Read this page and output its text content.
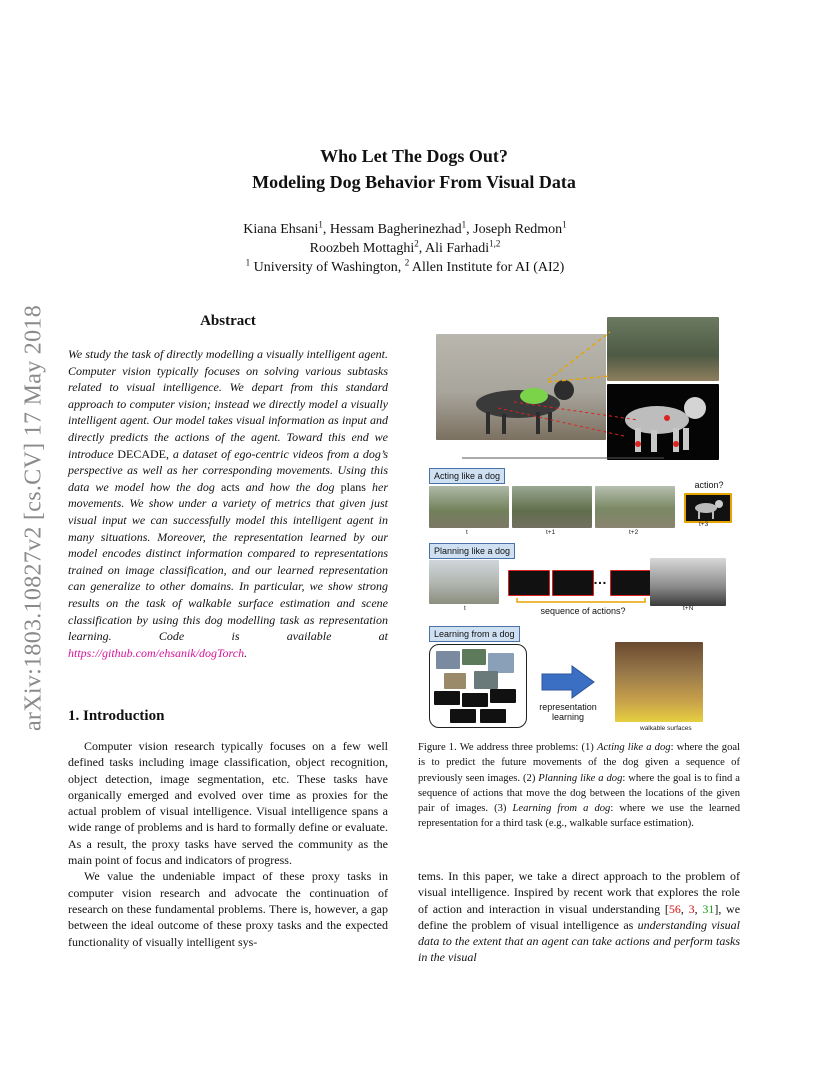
arXiv:1803.10827v2 [cs.CV] 17 May 2018
Who Let The Dogs Out?
Modeling Dog Behavior From Visual Data
Kiana Ehsani$^1$, Hessam Bagherinezhad$^1$, Joseph Redmon$^1$
Roozbeh Mottaghi$^2$, Ali Farhadi$^{1,2}$
$^1$ University of Washington, $^2$ Allen Institute for AI (AI2)
Abstract
We study the task of directly modelling a visually intelligent agent. Computer vision typically focuses on solving various subtasks related to visual intelligence. We depart from this standard approach to computer vision; instead we directly model a visually intelligent agent. Our model takes visual information as input and directly predicts the actions of the agent. Toward this end we introduce DECADE, a dataset of ego-centric videos from a dog’s perspective as well as her corresponding movements. Using this data we model how the dog acts and how the dog plans her movements. We show under a variety of metrics that given just visual input we can successfully model this intelligent agent in many situations. Moreover, the representation learned by our model encodes distinct information compared to representations trained on image classification, and our learned representation can generalize to other domains. In particular, we show strong results on the task of walkable surface estimation and scene classification by using this dog modelling task as representation learning. Code is available at https://github.com/ehsanik/dogTorch.
1. Introduction

Computer vision research typically focuses on a few well defined tasks including image classification, object recognition, object detection, image segmentation, etc. These tasks have organically emerged and evolved over time as proxies for the actual problem of visual intelligence. Visual intelligence spans a wide range of problems and is hard to formally define or evaluate. As a result, the proxy tasks have served the community as the main point of focus and indicators of progress.

We value the undeniable impact of these proxy tasks in computer vision research and advocate the continuation of research on these fundamental problems. There is, however, a gap between the ideal outcome of these proxy tasks and the expected functionality of visually intelligent sys-

tems. In this paper, we take a direct approach to the problem of visual intelligence. Inspired by recent work that explores the role of action and interaction in visual understanding [56, 3, 31], we define the problem of visual intelligence as understanding visual data to the extent that an agent can take actions and perform tasks in the visual

Acting like a dog
action?
t	t+1	t+2
t+3
Planning like a dog
…
t	sequence of actions?	t+N
Learning from a dog
representation
learning
walkable surfaces
Figure 1. We address three problems: (1) Acting like a dog: where the goal is to predict the future movements of the dog given a sequence of previously seen images. (2) Planning like a dog: where the goal is to find a sequence of actions that move the dog between the locations of the given pair of images. (3) Learning from a dog: where we use the learned representation for a third task (e.g., walkable surface estimation).
